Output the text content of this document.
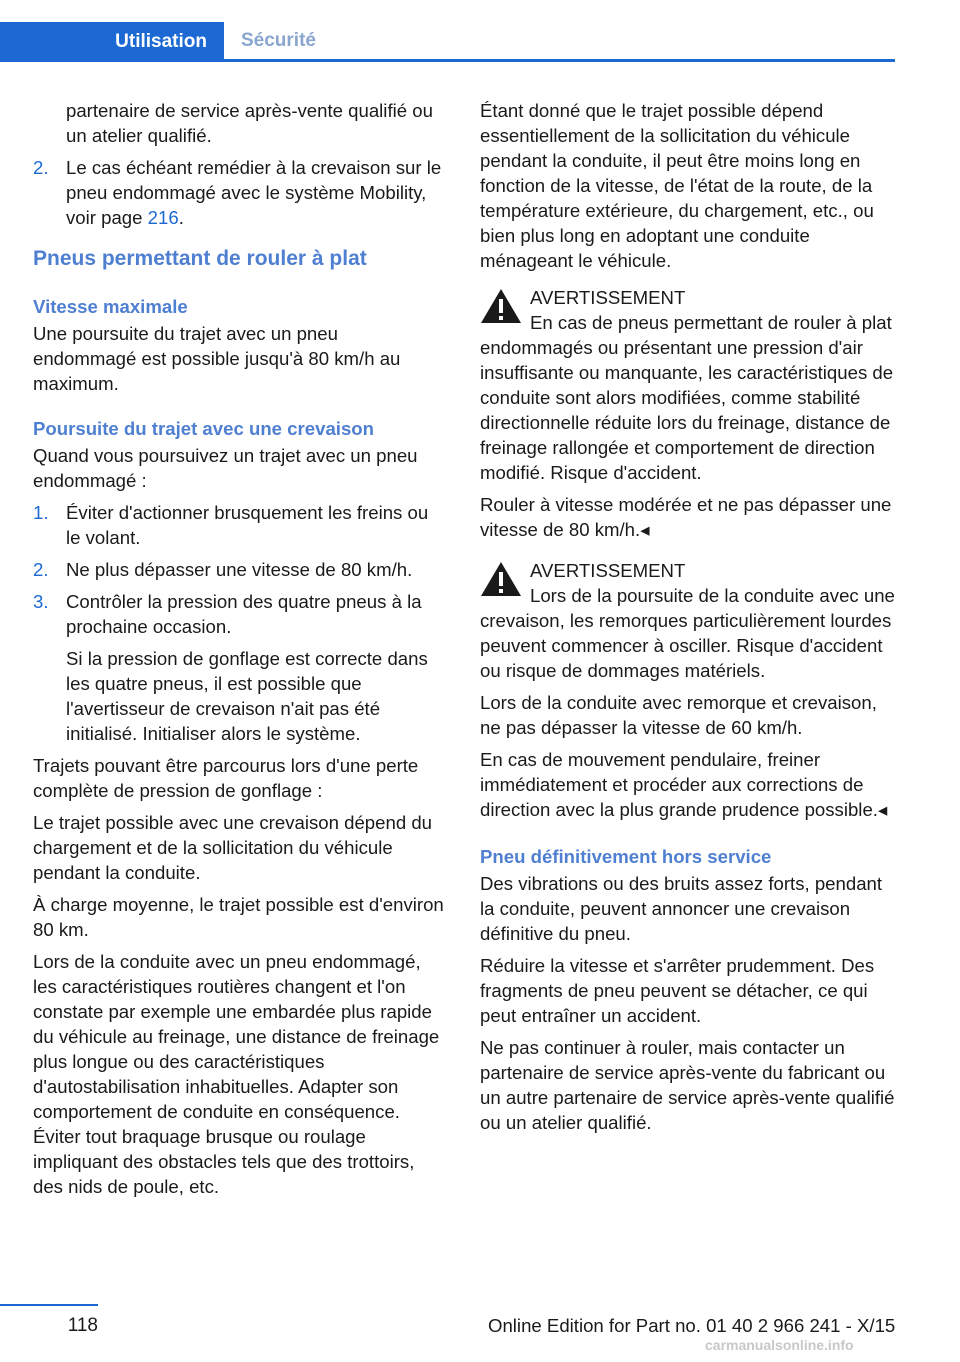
Utilisation	Sécurité

partenaire de service après-vente qualifié ou un atelier qualifié.

2. Le cas échéant remédier à la crevaison sur le pneu endommagé avec le système Mobility, voir page 216.
Pneus permettant de rouler à plat
Vitesse maximale

Une poursuite du trajet avec un pneu endommagé est possible jusqu'à 80 km/h au maximum.

Poursuite du trajet avec une crevaison

Quand vous poursuivez un trajet avec un pneu endommagé :

1. Éviter d'actionner brusquement les freins ou le volant.
2. Ne plus dépasser une vitesse de 80 km/h.
3. Contrôler la pression des quatre pneus à la prochaine occasion.

Si la pression de gonflage est correcte dans les quatre pneus, il est possible que l'avertisseur de crevaison n'ait pas été initialisé. Initialiser alors le système.

Trajets pouvant être parcourus lors d'une perte complète de pression de gonflage :

Le trajet possible avec une crevaison dépend du chargement et de la sollicitation du véhicule pendant la conduite.

À charge moyenne, le trajet possible est d'environ 80 km.

Lors de la conduite avec un pneu endommagé, les caractéristiques routières changent et l'on constate par exemple une embardée plus rapide du véhicule au freinage, une distance de freinage plus longue ou des caractéristiques d'autostabilisation inhabituelles. Adapter son comportement de conduite en conséquence. Éviter tout braquage brusque ou roulage impliquant des obstacles tels que des trottoirs, des nids de poule, etc.

Étant donné que le trajet possible dépend essentiellement de la sollicitation du véhicule pendant la conduite, il peut être moins long en fonction de la vitesse, de l'état de la route, de la température extérieure, du chargement, etc., ou bien plus long en adoptant une conduite ménageant le véhicule.

AVERTISSEMENT

En cas de pneus permettant de rouler à plat endommagés ou présentant une pression d'air insuffisante ou manquante, les caractéristiques de conduite sont alors modifiées, comme stabilité directionnelle réduite lors du freinage, distance de freinage rallongée et comportement de direction modifié. Risque d'accident.

Rouler à vitesse modérée et ne pas dépasser une vitesse de 80 km/h.◂

AVERTISSEMENT

Lors de la poursuite de la conduite avec une crevaison, les remorques particulièrement lourdes peuvent commencer à osciller. Risque d'accident ou risque de dommages matériels.

Lors de la conduite avec remorque et crevaison, ne pas dépasser la vitesse de 60 km/h.

En cas de mouvement pendulaire, freiner immédiatement et procéder aux corrections de direction avec la plus grande prudence possible.◂

Pneu définitivement hors service

Des vibrations ou des bruits assez forts, pendant la conduite, peuvent annoncer une crevaison définitive du pneu.

Réduire la vitesse et s'arrêter prudemment. Des fragments de pneu peuvent se détacher, ce qui peut entraîner un accident.

Ne pas continuer à rouler, mais contacter un partenaire de service après-vente du fabricant ou un autre partenaire de service après-vente qualifié ou un atelier qualifié.

118	Online Edition for Part no. 01 40 2 966 241 - X/15
carmanualsonline.info
